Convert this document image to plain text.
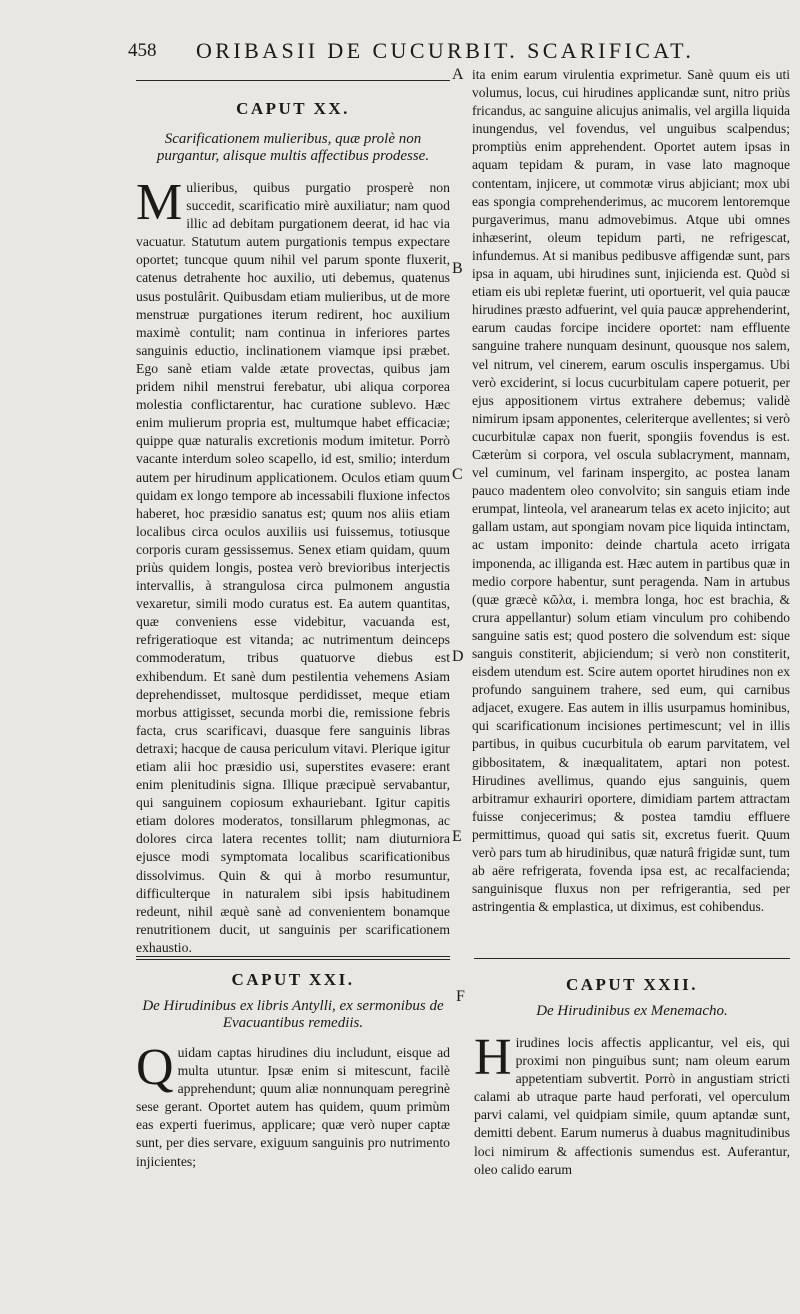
458 ORIBASII DE CUCURBIT. SCARIFICAT.
A
B
C
D
E
F
CAPUT XX.

Scarificationem mulieribus, quæ prolè non purgantur, alisque multis affectibus prodesse.

Mulieribus, quibus purgatio prosperè non succedit, scarificatio mirè auxiliatur; nam quod illic ad debitam purgationem deerat, id hac via vacuatur. Statutum autem purgationis tempus expectare oportet; tuncque quum nihil vel parum sponte fluxerit, catenus detrahente hoc auxilio, uti debemus, quatenus usus postulârit. Quibusdam etiam mulieribus, ut de more menstruæ purgationes iterum redirent, hoc auxilium maximè contulit; nam continua in inferiores partes sanguinis eductio, inclinationem viamque ipsi præbet. Ego sanè etiam valde ætate provectas, quibus jam pridem nihil menstrui ferebatur, ubi aliqua corporea molestia conflictarentur, hac curatione sublevo. Hæc enim mulierum propria est, multumque habet efficaciæ; quippe quæ naturalis excretionis modum imitetur. Porrò vacante interdum soleo scapello, id est, smilio; interdum autem per hirudinum applicationem. Oculos etiam quum quidam ex longo tempore ab incessabili fluxione infectos haberet, hoc præsidio sanatus est; quum nos aliis etiam localibus circa oculos auxiliis usi fuissemus, totiusque corporis curam gessissemus. Senex etiam quidam, quum priùs quidem longis, postea verò brevioribus interjectis intervallis, à strangulosa circa pulmonem angustia vexaretur, simili modo curatus est. Ea autem quantitas, quæ conveniens esse videbitur, vacuanda est, refrigeratioque est vitanda; ac nutrimentum deinceps commoderatum, tribus quatuorve diebus est exhibendum. Et sanè dum pestilentia vehemens Asiam deprehendisset, multosque perdidisset, meque etiam morbus attigisset, secunda morbi die, remissione febris facta, crus scarificavi, duasque fere sanguinis libras detraxi; hacque de causa periculum vitavi. Plerique igitur etiam alii hoc præsidio usi, superstites evasere: erant enim plenitudinis signa. Illique præcipuè servabantur, qui sanguinem copiosum exhauriebant. Igitur capitis etiam dolores moderatos, tonsillarum phlegmonas, ac dolores circa latera recentes tollit; nam diuturniora ejusce modi symptomata localibus scarificationibus dissolvimus. Quin & qui à morbo resumuntur, difficulterque in naturalem sibi ipsis habitudinem redeunt, nihil æquè sanè ad convenientem bonamque renutritionem ducit, ut sanguinis per scarificationem exhaustio.

ita enim earum virulentia exprimetur. Sanè quum eis uti volumus, locus, cui hirudines applicandæ sunt, nitro priùs fricandus, ac sanguine alicujus animalis, vel argilla liquida inungendus, vel fovendus, vel unguibus scalpendus; promptiùs enim apprehendent. Oportet autem ipsas in aquam tepidam & puram, in vase lato magnoque contentam, injicere, ut commotæ virus abjiciant; mox ubi eas spongia comprehenderimus, ac mucorem lentoremque purgaverimus, manu admovebimus. Atque ubi omnes inhæserint, oleum tepidum parti, ne refrigescat, infundemus. At si manibus pedibusve affigendæ sunt, pars ipsa in aquam, ubi hirudines sunt, injicienda est. Quòd si etiam eis ubi repletæ fuerint, uti oportuerit, vel quia paucæ hirudines præsto adfuerint, vel quia paucæ apprehenderint, earum caudas forcipe incidere oportet: nam effluente sanguine trahere nunquam desinunt, quousque nos salem, vel nitrum, vel cinerem, earum osculis inspergamus. Ubi verò exciderint, si locus cucurbitulam capere potuerit, per ejus appositionem virtus extrahere debemus; validè nimirum ipsam apponentes, celeriterque avellentes; si verò cucurbitulæ capax non fuerit, spongiis fovendus is est. Cæterùm si corpora, vel oscula sublacryment, mannam, vel cuminum, vel farinam inspergito, ac postea lanam pauco madentem oleo convolvito; sin sanguis etiam inde erumpat, linteola, vel aranearum telas ex aceto injicito; aut gallam ustam, aut spongiam novam pice liquida intinctam, ac ustam imponito: deinde chartula aceto irrigata imponenda, ac illiganda est. Hæc autem in partibus quæ in medio corpore habentur, sunt peragenda. Nam in artubus (quæ græcè κῶλα, i. membra longa, hoc est brachia, & crura appellantur) solum etiam vinculum pro cohibendo sanguine satis est; quod postero die solvendum est: sique sanguis constiterit, abjiciendum; si verò non constiterit, eisdem utendum est. Scire autem oportet hirudines non ex profundo sanguinem trahere, sed eum, qui carnibus adjacet, exugere. Eas autem in illis usurpamus hominibus, qui scarificationum incisiones pertimescunt; vel in illis partibus, in quibus cucurbitula ob earum parvitatem, vel gibbositatem, & inæqualitatem, aptari non potest. Hirudines avellimus, quando ejus sanguinis, quem arbitramur exhauriri oportere, dimidiam partem attractam fuisse conjecerimus; & postea tamdiu effluere permittimus, quoad qui satis sit, excretus fuerit. Quum verò pars tum ab hirudinibus, quæ naturâ frigidæ sunt, tum ab aëre refrigerata, fovenda ipsa est, ac recalfacienda; sanguinisque fluxus non per refrigerantia, sed per astringentia & emplastica, ut diximus, est cohibendus.

CAPUT XXI.

De Hirudinibus ex libris Antylli, ex sermonibus de Evacuantibus remediis.

Quidam captas hirudines diu includunt, eisque ad multa utuntur. Ipsæ enim si mitescunt, facilè apprehendunt; quum aliæ nonnunquam peregrinè sese gerant. Oportet autem has quidem, quum primùm eas experti fuerimus, applicare; quæ verò nuper captæ sunt, per dies servare, exiguum sanguinis pro nutrimento injicientes;

CAPUT XXII.

De Hirudinibus ex Menemacho.

Hirudines locis affectis applicantur, vel eis, qui proximi non pinguibus sunt; nam oleum earum appetentiam subvertit. Porrò in angustiam stricti calami ab utraque parte haud perforati, vel operculum parvi calami, vel quidpiam simile, quum aptandæ sunt, demitti debent. Earum numerus à duabus magnitudinibus loci nimirum & affectionis sumendus est. Auferantur, oleo calido earum
